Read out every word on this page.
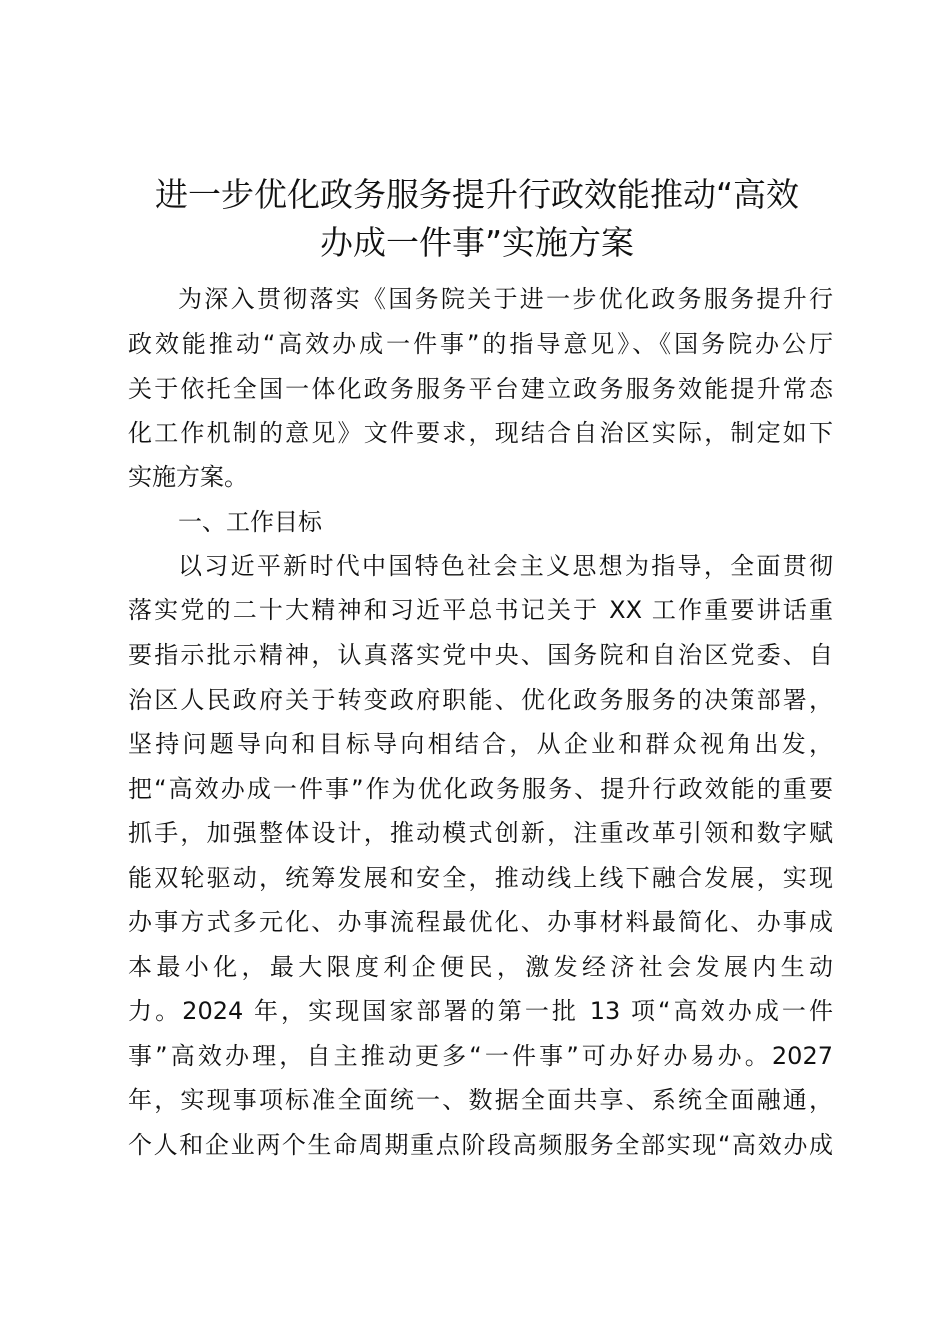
进一步优化政务服务提升行政效能推动“高效
办成一件事”实施方案

为深入贯彻落实《国务院关于进一步优化政务服务提升行

政效能推动“高效办成一件事”的指导意见》、《国务院办公厅

关于依托全国一体化政务服务平台建立政务服务效能提升常态

化工作机制的意见》文件要求，现结合自治区实际，制定如下

实施方案。

一、工作目标

以习近平新时代中国特色社会主义思想为指导，全面贯彻

落实党的二十大精神和习近平总书记关于 XX 工作重要讲话重

要指示批示精神，认真落实党中央、国务院和自治区党委、自

治区人民政府关于转变政府职能、优化政务服务的决策部署，

坚持问题导向和目标导向相结合，从企业和群众视角出发，

把“高效办成一件事”作为优化政务服务、提升行政效能的重要

抓手，加强整体设计，推动模式创新，注重改革引领和数字赋

能双轮驱动，统筹发展和安全，推动线上线下融合发展，实现

办事方式多元化、办事流程最优化、办事材料最简化、办事成

本最小化，最大限度利企便民，激发经济社会发展内生动

力。2024 年，实现国家部署的第一批 13 项“高效办成一件

事”高效办理，自主推动更多“一件事”可办好办易办。2027

年，实现事项标准全面统一、数据全面共享、系统全面融通，

个人和企业两个生命周期重点阶段高频服务全部实现“高效办成
